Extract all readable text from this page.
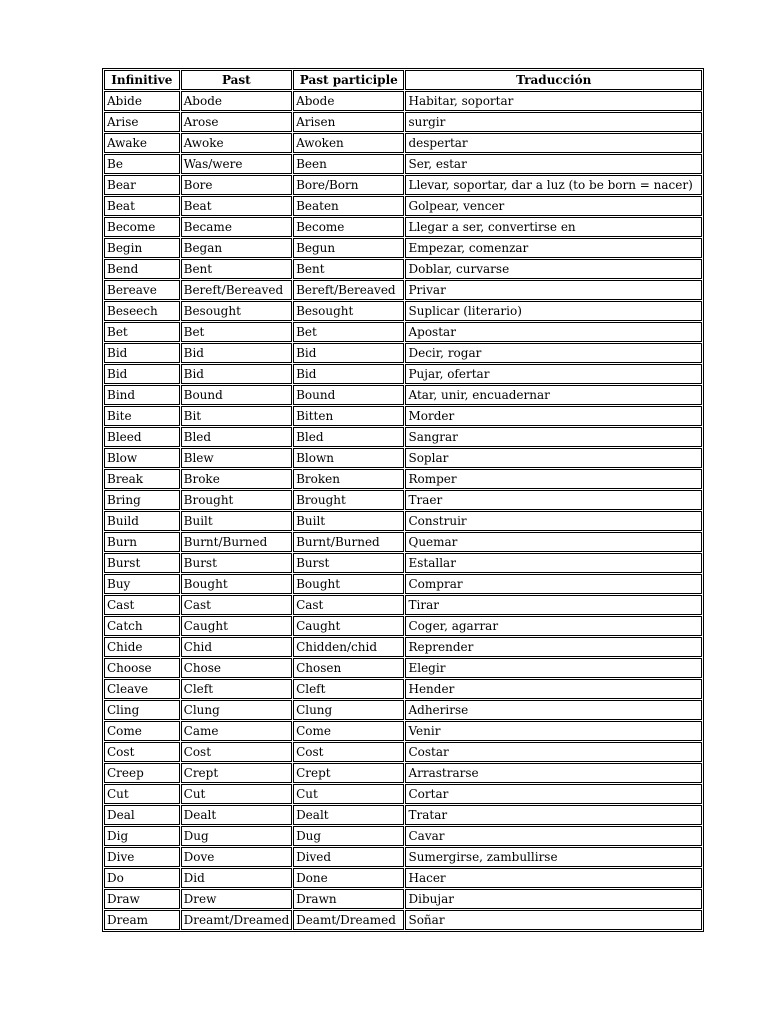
Infinitive	Past	Past participle	Traducción
Abide	Abode	Abode	Habitar, soportar
Arise	Arose	Arisen	surgir
Awake	Awoke	Awoken	despertar
Be	Was/were	Been	Ser, estar
Bear	Bore	Bore/Born	Llevar, soportar, dar a luz (to be born = nacer)
Beat	Beat	Beaten	Golpear, vencer
Become	Became	Become	Llegar a ser, convertirse en
Begin	Began	Begun	Empezar, comenzar
Bend	Bent	Bent	Doblar, curvarse
Bereave	Bereft/Bereaved	Bereft/Bereaved	Privar
Beseech	Besought	Besought	Suplicar (literario)
Bet	Bet	Bet	Apostar
Bid	Bid	Bid	Decir, rogar
Bid	Bid	Bid	Pujar, ofertar
Bind	Bound	Bound	Atar, unir, encuadernar
Bite	Bit	Bitten	Morder
Bleed	Bled	Bled	Sangrar
Blow	Blew	Blown	Soplar
Break	Broke	Broken	Romper
Bring	Brought	Brought	Traer
Build	Built	Built	Construir
Burn	Burnt/Burned	Burnt/Burned	Quemar
Burst	Burst	Burst	Estallar
Buy	Bought	Bought	Comprar
Cast	Cast	Cast	Tirar
Catch	Caught	Caught	Coger, agarrar
Chide	Chid	Chidden/chid	Reprender
Choose	Chose	Chosen	Elegir
Cleave	Cleft	Cleft	Hender
Cling	Clung	Clung	Adherirse
Come	Came	Come	Venir
Cost	Cost	Cost	Costar
Creep	Crept	Crept	Arrastrarse
Cut	Cut	Cut	Cortar
Deal	Dealt	Dealt	Tratar
Dig	Dug	Dug	Cavar
Dive	Dove	Dived	Sumergirse, zambullirse
Do	Did	Done	Hacer
Draw	Drew	Drawn	Dibujar
Dream	Dreamt/Dreamed	Deamt/Dreamed	Soñar
